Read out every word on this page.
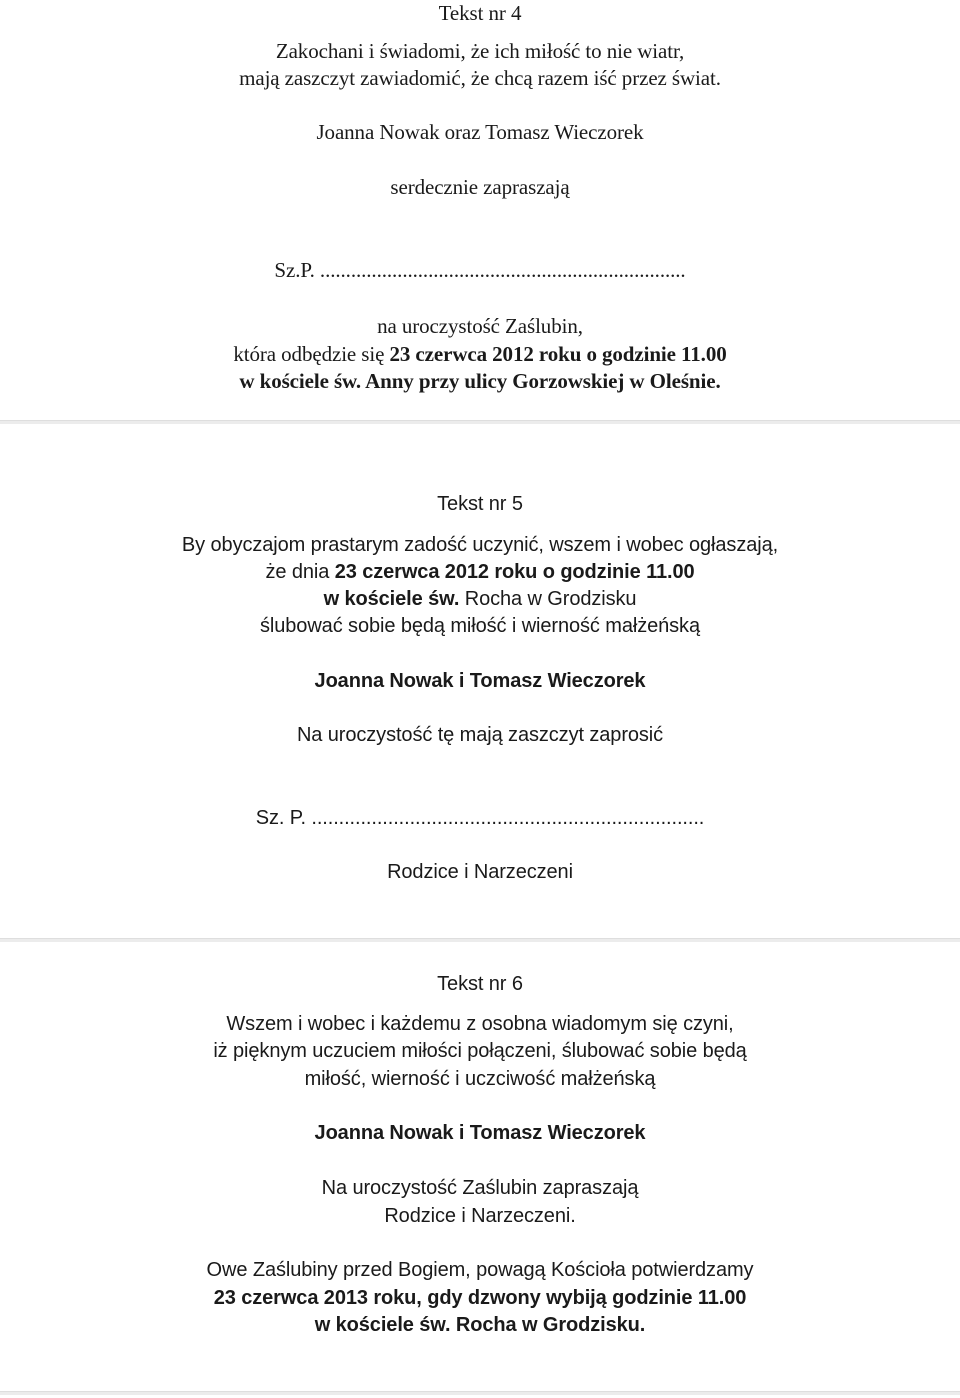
Tekst nr 4
Zakochani i świadomi, że ich miłość to nie wiatr,
mają zaszczyt zawiadomić, że chcą razem iść przez świat.
Joanna Nowak oraz Tomasz Wieczorek
serdecznie zapraszają
Sz.P. .......................................................................
na uroczystość Zaślubin,
która odbędzie się 23 czerwca 2012 roku o godzinie 11.00
w kościele św. Anny przy ulicy Gorzowskiej w Oleśnie.
Tekst nr 5
By obyczajom prastarym zadość uczynić, wszem i wobec ogłaszają,
że dnia 23 czerwca 2012 roku o godzinie 11.00
w kościele św. Rocha w Grodzisku
ślubować sobie będą miłość i wierność małżeńską
Joanna Nowak i Tomasz Wieczorek
Na uroczystość tę mają zaszczyt zaprosić
Sz. P. ........................................................................
Rodzice i Narzeczeni
Tekst nr 6
Wszem i wobec i każdemu z osobna wiadomym się czyni,
iż pięknym uczuciem miłości połączeni, ślubować sobie będą
miłość, wierność i uczciwość małżeńską
Joanna Nowak i Tomasz Wieczorek
Na uroczystość Zaślubin zapraszają
Rodzice i Narzeczeni.
Owe Zaślubiny przed Bogiem, powagą Kościoła potwierdzamy
23 czerwca 2013 roku, gdy dzwony wybiją godzinie 11.00
w kościele św. Rocha w Grodzisku.
